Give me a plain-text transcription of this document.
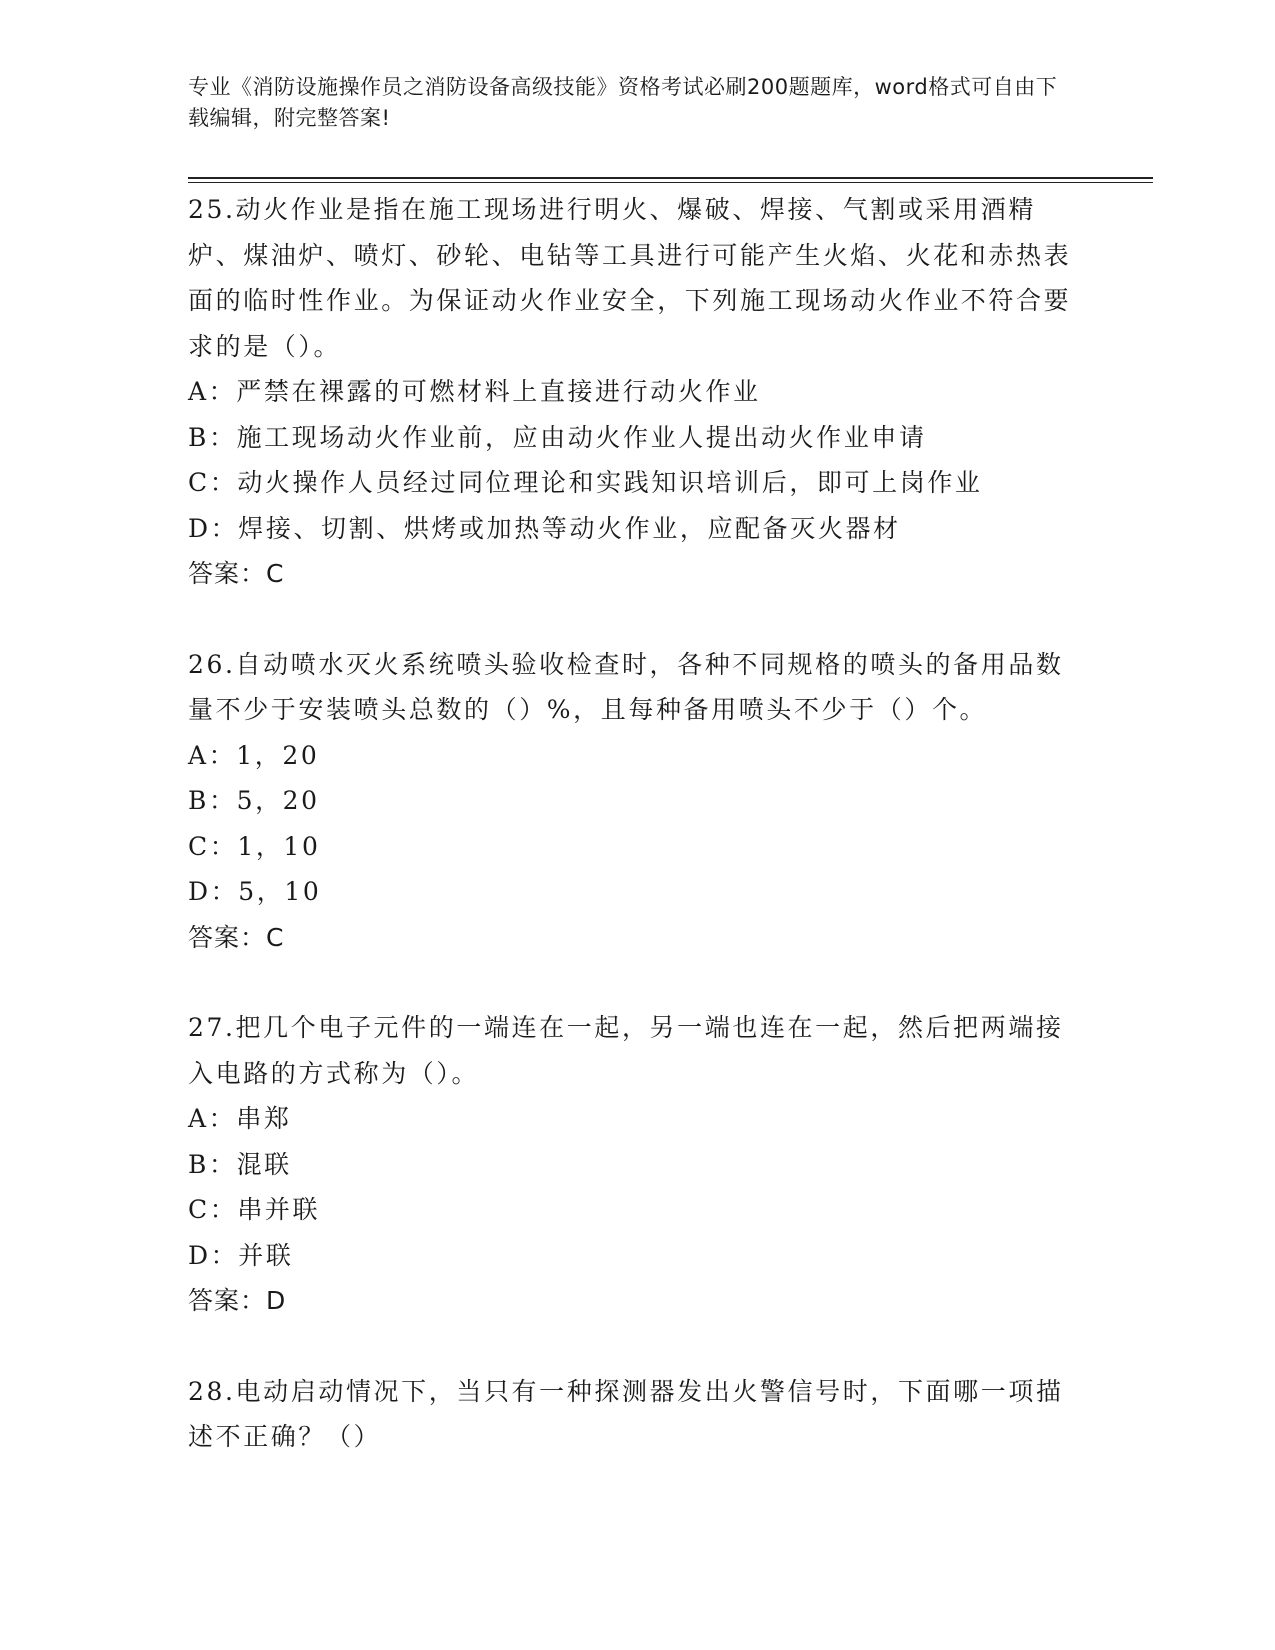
专业《消防设施操作员之消防设备高级技能》资格考试必刷200题题库，word格式可自由下载编辑，附完整答案!

25.动火作业是指在施工现场进行明火、爆破、焊接、气割或采用酒精炉、煤油炉、喷灯、砂轮、电钻等工具进行可能产生火焰、火花和赤热表面的临时性作业。为保证动火作业安全，下列施工现场动火作业不符合要求的是（）。

A：严禁在裸露的可燃材料上直接进行动火作业

B：施工现场动火作业前，应由动火作业人提出动火作业申请

C：动火操作人员经过同位理论和实践知识培训后，即可上岗作业

D：焊接、切割、烘烤或加热等动火作业，应配备灭火器材

答案：C

26.自动喷水灭火系统喷头验收检查时，各种不同规格的喷头的备用品数量不少于安装喷头总数的（）%，且每种备用喷头不少于（）个。

A：1，20

B：5，20

C：1，10

D：5，10

答案：C

27.把几个电子元件的一端连在一起，另一端也连在一起，然后把两端接入电路的方式称为（）。

A：串郑

B：混联

C：串并联

D：并联

答案：D

28.电动启动情况下，当只有一种探测器发出火警信号时，下面哪一项描述不正确？（）
